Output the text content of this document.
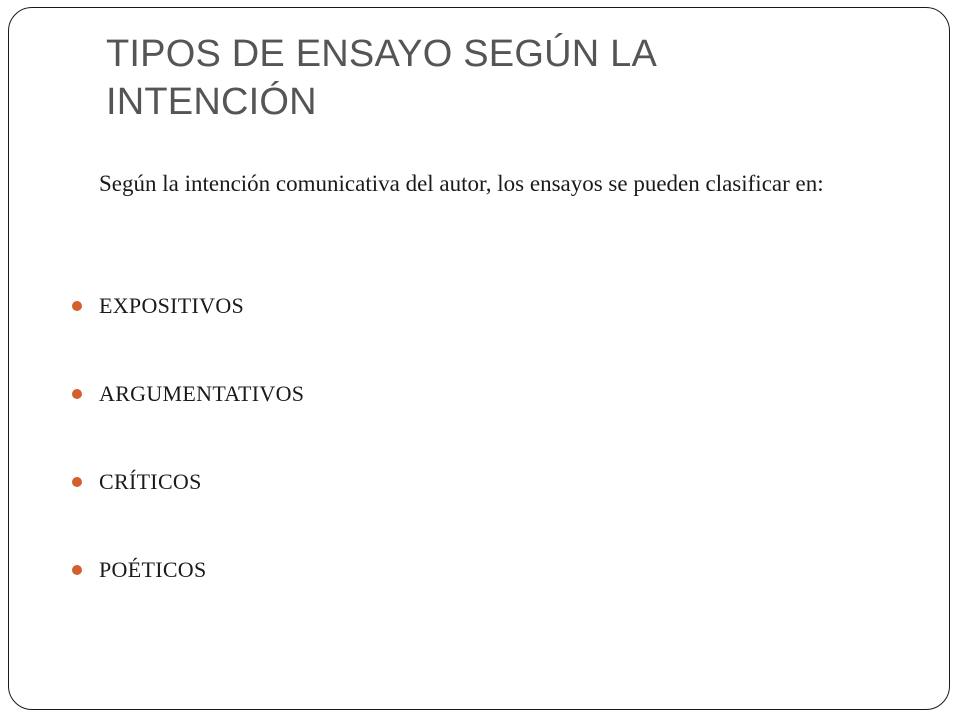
TIPOS DE ENSAYO SEGÚN LA INTENCIÓN
Según la intención comunicativa del autor, los ensayos se pueden clasificar en:
EXPOSITIVOS
ARGUMENTATIVOS
CRÍTICOS
POÉTICOS
